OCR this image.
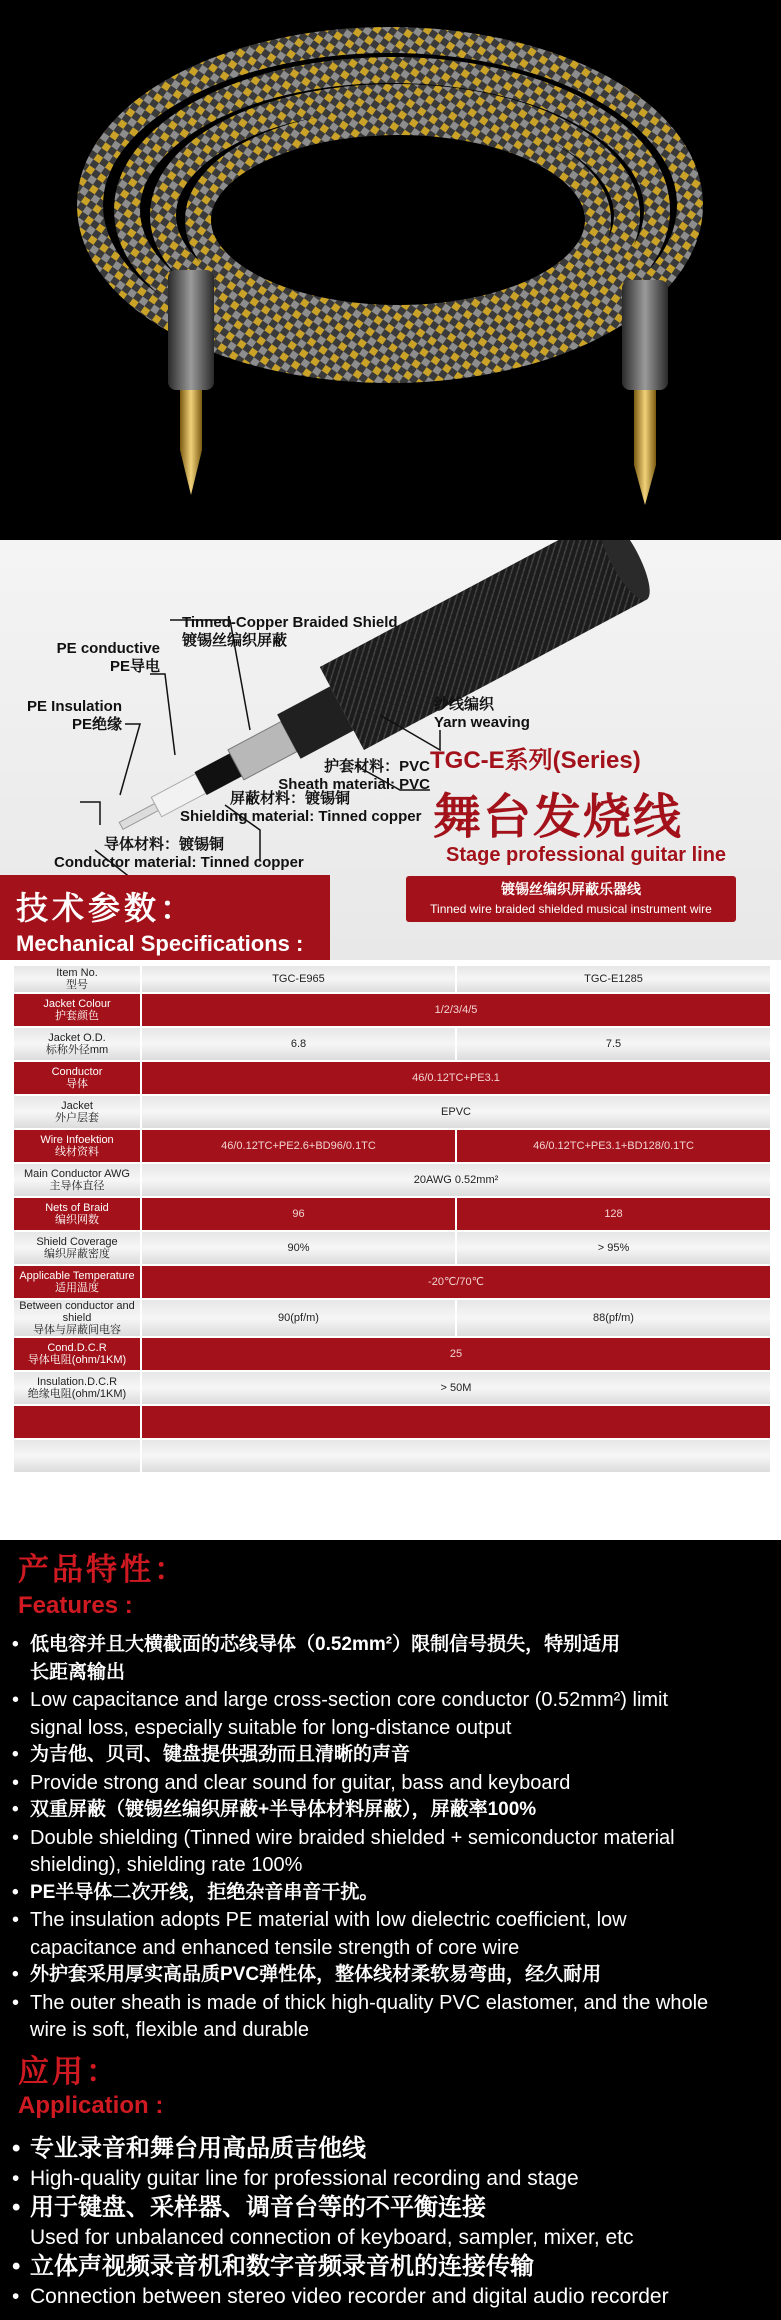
Tinned-Copper Braided Shield
镀锡丝编织屏蔽
PE conductive
PE导电
PE Insulation
PE绝缘
纱线编织
Yarn weaving
护套材料：PVC
Sheath material: PVC
屏蔽材料：镀锡铜
Shielding material: Tinned copper
导体材料：镀锡铜
Conductor material: Tinned copper
TGC-E系列(Series)
舞台发烧线
Stage professional guitar line
镀锡丝编织屏蔽乐器线
Tinned wire braided shielded musical instrument wire
技术参数：
Mechanical Specifications :
Item No.
型号	TGC-E965	TGC-E1285

Jacket Colour
护套颜色	1/2/3/4/5	

Jacket O.D.
标称外径mm	6.8	7.5

Conductor
导体	46/0.12TC+PE3.1	

Jacket
外户层套	EPVC	

Wire Infoektion
线材资料	46/0.12TC+PE2.6+BD96/0.1TC	46/0.12TC+PE3.1+BD128/0.1TC

Main Conductor AWG
主导体直径	20AWG 0.52mm²	

Nets of Braid
编织网数	96	128

Shield Coverage
编织屏蔽密度	90%	> 95%

Applicable Temperature
适用温度	-20℃/70℃	

Between conductor and shield
导体与屏蔽间电容	90(pf/m)	88(pf/m)

Cond.D.C.R
导体电阻(ohm/1KM)	25	

Insulation.D.C.R
绝缘电阻(ohm/1KM)	> 50M	

产品特性：
Features :
• 低电容并且大横截面的芯线导体（0.52mm²）限制信号损失，特别适用
长距离输出
• Low capacitance and large cross-section core conductor (0.52mm²) limit
signal loss, especially suitable for long-distance output
• 为吉他、贝司、键盘提供强劲而且清晰的声音
• Provide strong and clear sound for guitar, bass and keyboard
• 双重屏蔽（镀锡丝编织屏蔽+半导体材料屏蔽），屏蔽率100%
• Double shielding (Tinned wire braided shielded + semiconductor material
shielding), shielding rate 100%
• PE半导体二次开线，拒绝杂音串音干扰。
• The insulation adopts PE material with low dielectric coefficient, low
capacitance and enhanced tensile strength of core wire
• 外护套采用厚实高品质PVC弹性体，整体线材柔软易弯曲，经久耐用
• The outer sheath is made of thick high-quality PVC elastomer, and the whole
wire is soft, flexible and durable
应用：
Application :
• 专业录音和舞台用高品质吉他线
• High-quality guitar line for professional recording and stage
• 用于键盘、采样器、调音台等的不平衡连接
Used for unbalanced connection of keyboard, sampler, mixer, etc
• 立体声视频录音机和数字音频录音机的连接传输
• Connection between stereo video recorder and digital audio recorder
